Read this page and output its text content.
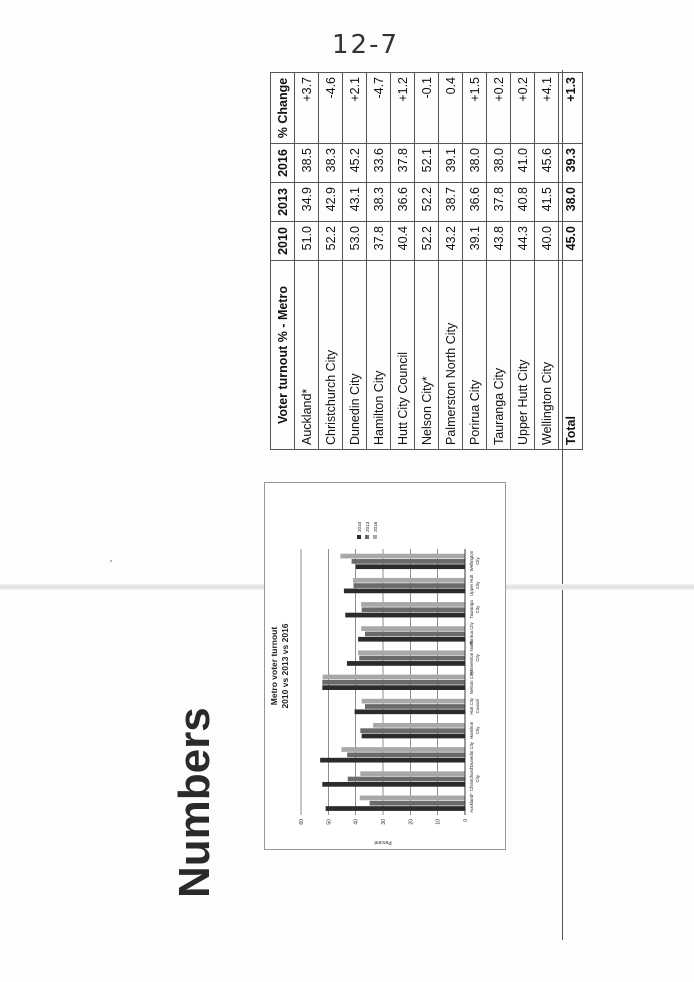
12-7
Numbers
Metro voter turnout 2010 vs 2013 vs 2016
0
10
20
30
40
50
60
Percent
Auckland*
Christchurch City
Dunedin City
Hamilton City
Hutt City Council
Nelson City*
Palmerston North City
Porirua City
Tauranga City
Upper Hutt City
Wellington City
2010 2013 2016
Voter turnout % - Metro	2010	2013	2016	% Change
Auckland*	51.0	34.9	38.5	+3.7
Christchurch City	52.2	42.9	38.3	-4.6
Dunedin City	53.0	43.1	45.2	+2.1
Hamilton City	37.8	38.3	33.6	-4.7
Hutt City Council	40.4	36.6	37.8	+1.2
Nelson City*	52.2	52.2	52.1	-0.1
Palmerston North City	43.2	38.7	39.1	0.4
Porirua City	39.1	36.6	38.0	+1.5
Tauranga City	43.8	37.8	38.0	+0.2
Upper Hutt City	44.3	40.8	41.0	+0.2
Wellington City	40.0	41.5	45.6	+4.1
Total	45.0	38.0	39.3	+1.3
